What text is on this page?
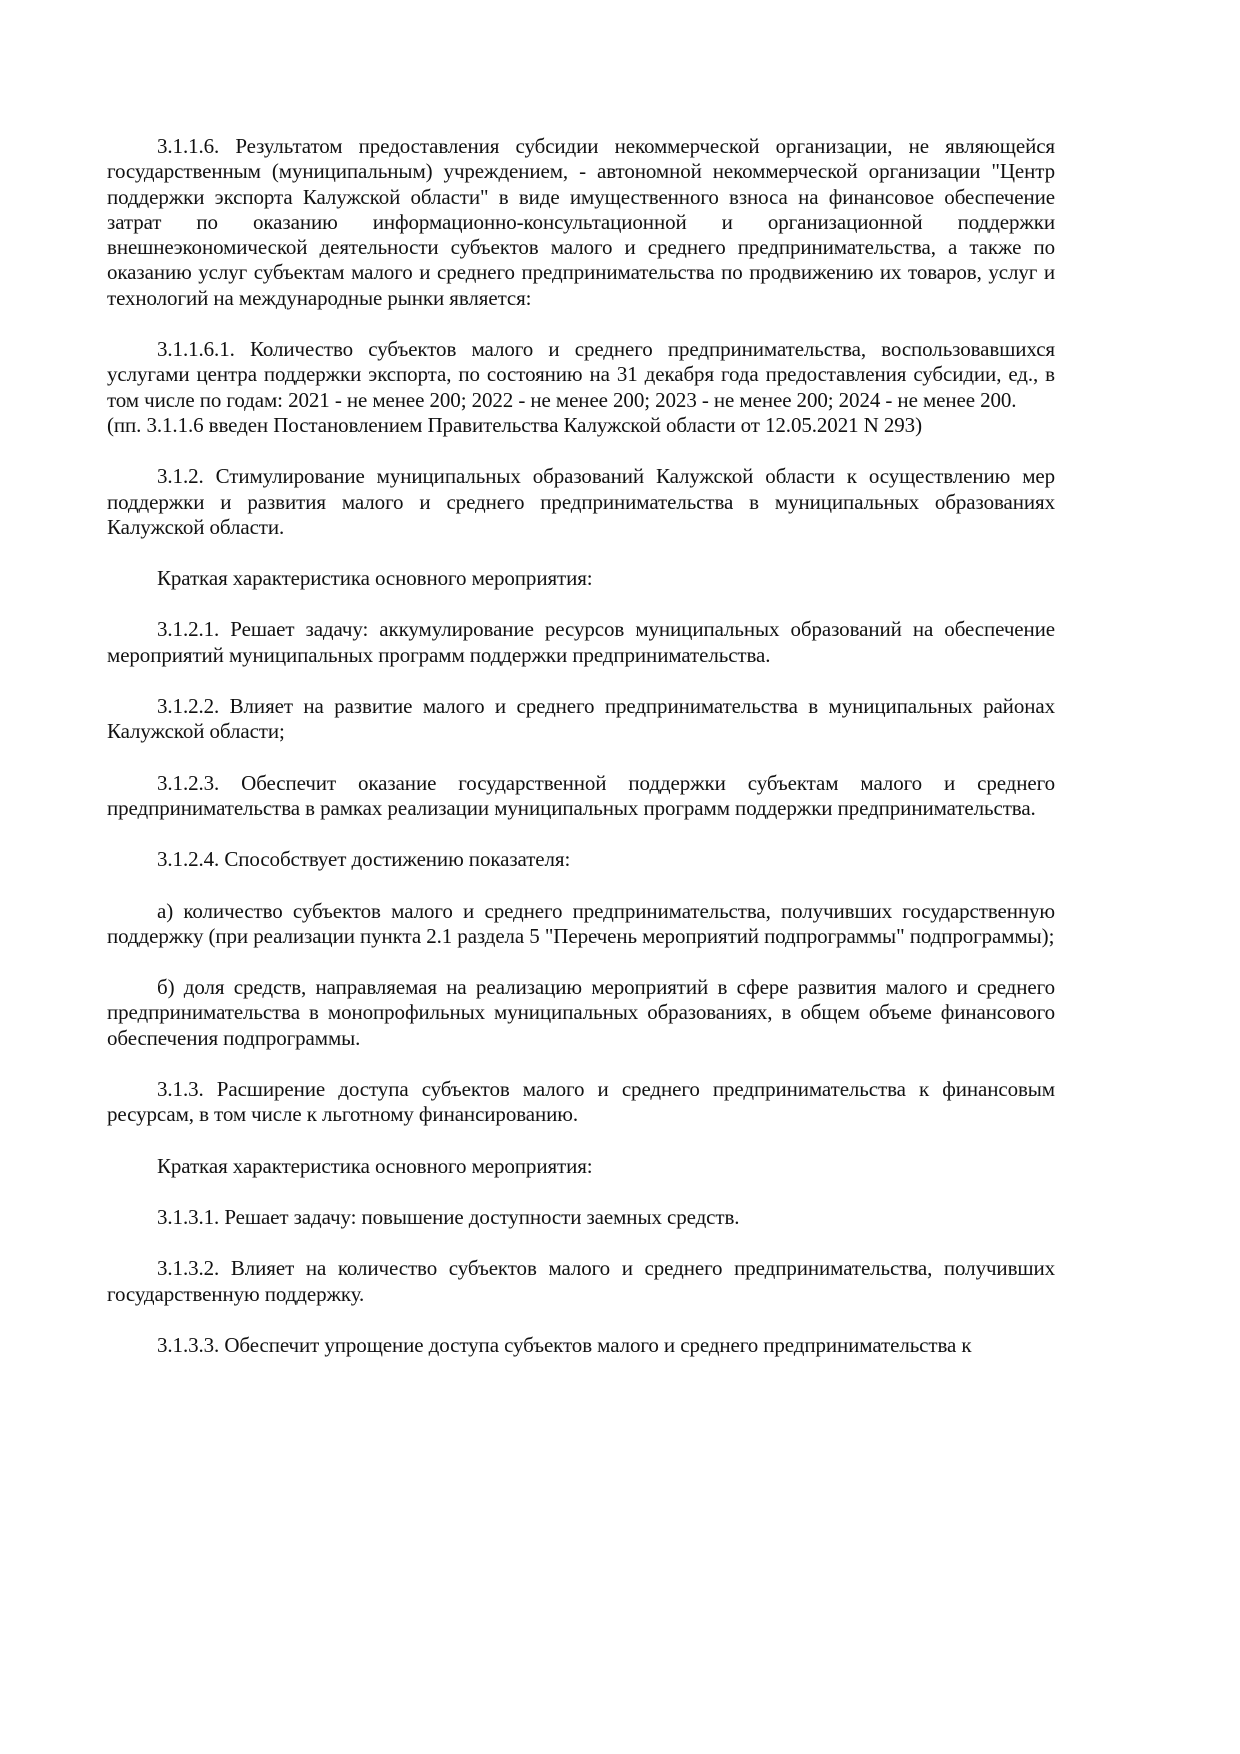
3.1.1.6. Результатом предоставления субсидии некоммерческой организации, не являющейся государственным (муниципальным) учреждением, - автономной некоммерческой организации "Центр поддержки экспорта Калужской области" в виде имущественного взноса на финансовое обеспечение затрат по оказанию информационно-консультационной и организационной поддержки внешнеэкономической деятельности субъектов малого и среднего предпринимательства, а также по оказанию услуг субъектам малого и среднего предпринимательства по продвижению их товаров, услуг и технологий на международные рынки является:

3.1.1.6.1. Количество субъектов малого и среднего предпринимательства, воспользовавшихся услугами центра поддержки экспорта, по состоянию на 31 декабря года предоставления субсидии, ед., в том числе по годам: 2021 - не менее 200; 2022 - не менее 200; 2023 - не менее 200; 2024 - не менее 200.

(пп. 3.1.1.6 введен Постановлением Правительства Калужской области от 12.05.2021 N 293)

3.1.2. Стимулирование муниципальных образований Калужской области к осуществлению мер поддержки и развития малого и среднего предпринимательства в муниципальных образованиях Калужской области.

Краткая характеристика основного мероприятия:

3.1.2.1. Решает задачу: аккумулирование ресурсов муниципальных образований на обеспечение мероприятий муниципальных программ поддержки предпринимательства.

3.1.2.2. Влияет на развитие малого и среднего предпринимательства в муниципальных районах Калужской области;

3.1.2.3. Обеспечит оказание государственной поддержки субъектам малого и среднего предпринимательства в рамках реализации муниципальных программ поддержки предпринимательства.

3.1.2.4. Способствует достижению показателя:

а) количество субъектов малого и среднего предпринимательства, получивших государственную поддержку (при реализации пункта 2.1 раздела 5 "Перечень мероприятий подпрограммы" подпрограммы);

б) доля средств, направляемая на реализацию мероприятий в сфере развития малого и среднего предпринимательства в монопрофильных муниципальных образованиях, в общем объеме финансового обеспечения подпрограммы.

3.1.3. Расширение доступа субъектов малого и среднего предпринимательства к финансовым ресурсам, в том числе к льготному финансированию.

Краткая характеристика основного мероприятия:

3.1.3.1. Решает задачу: повышение доступности заемных средств.

3.1.3.2. Влияет на количество субъектов малого и среднего предпринимательства, получивших государственную поддержку.

3.1.3.3. Обеспечит упрощение доступа субъектов малого и среднего предпринимательства к
